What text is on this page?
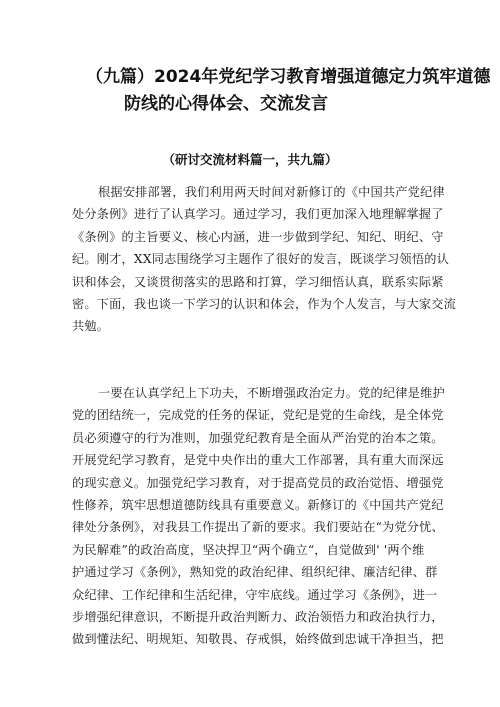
（九篇）2024年党纪学习教育增强道德定力筑牢道德
防线的心得体会、交流发言
（研讨交流材料篇一，共九篇）
根据安排部署，我们利用两天时间对新修订的《中国共产党纪律
处分条例》进行了认真学习。通过学习，我们更加深入地理解掌握了
《条例》的主旨要义、核心内涵，进一步做到学纪、知纪、明纪、守
纪。刚才，XX同志围绕学习主题作了很好的发言，既谈学习领悟的认
识和体会，又谈贯彻落实的思路和打算，学习细悟认真，联系实际紧
密。下面，我也谈一下学习的认识和体会，作为个人发言，与大家交流
共勉。
一要在认真学纪上下功夫，不断增强政治定力。党的纪律是维护
党的团结统一，完成党的任务的保证，党纪是党的生命线，是全体党
员必须遵守的行为准则，加强党纪教育是全面从严治党的治本之策。
开展党纪学习教育，是党中央作出的重大工作部署，具有重大而深远
的现实意义。加强党纪学习教育，对于提高党员的政治觉悟、增强党
性修养，筑牢思想道德防线具有重要意义。新修订的《中国共产党纪
律处分条例》，对我县工作提出了新的要求。我们要站在“为党分忧、
为民解难”的政治高度，坚决捍卫“两个确立“，自觉做到' '两个维
护通过学习《条例》，熟知党的政治纪律、组织纪律、廉洁纪律、群
众纪律、工作纪律和生活纪律，守牢底线。通过学习《条例》，进一
步增强纪律意识，不断提升政治判断力、政治领悟力和政治执行力，
做到懂法纪、明规矩、知敬畏、存戒惧，始终做到忠诚干净担当，把
